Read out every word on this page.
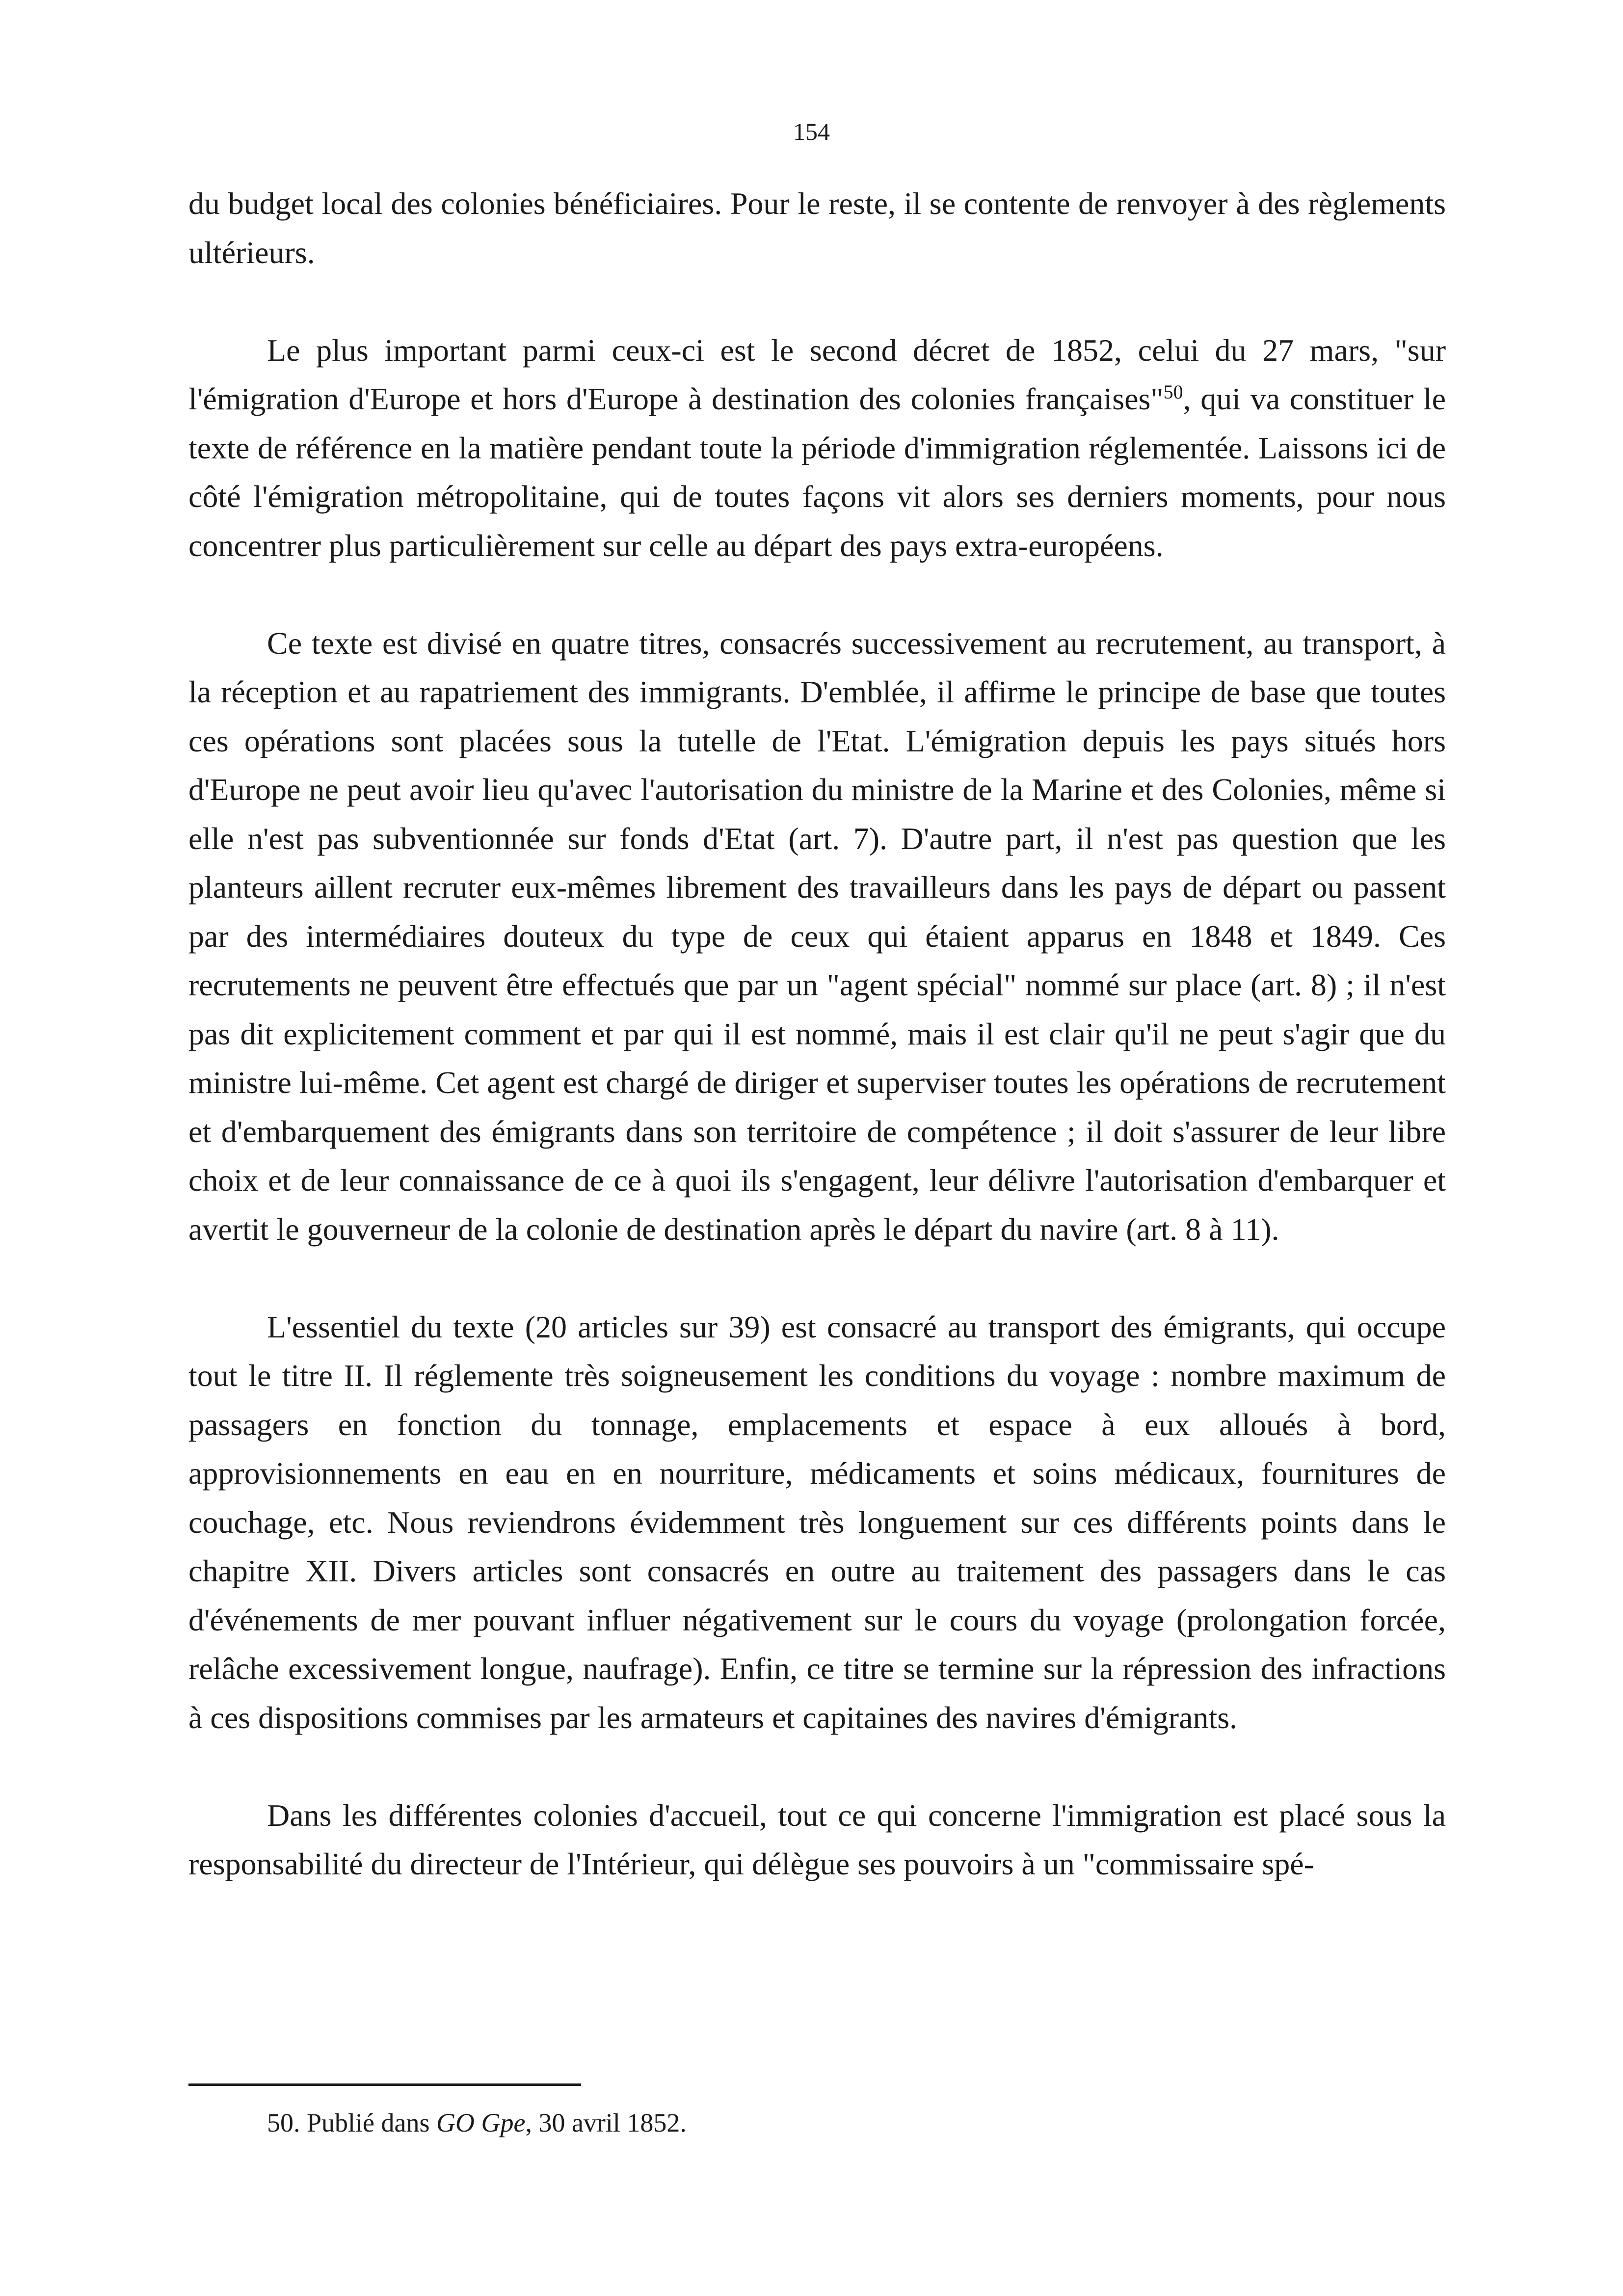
154

du budget local des colonies bénéficiaires. Pour le reste, il se contente de renvoyer à des règlements ultérieurs.

Le plus important parmi ceux-ci est le second décret de 1852, celui du 27 mars, "sur l'émigration d'Europe et hors d'Europe à destination des colonies françaises"$^{50}$, qui va constituer le texte de référence en la matière pendant toute la période d'immigration réglementée. Laissons ici de côté l'émigration métropolitaine, qui de toutes façons vit alors ses derniers moments, pour nous concentrer plus particulièrement sur celle au départ des pays extra-européens.

Ce texte est divisé en quatre titres, consacrés successivement au recrutement, au transport, à la réception et au rapatriement des immigrants. D'emblée, il affirme le principe de base que toutes ces opérations sont placées sous la tutelle de l'Etat. L'émigration depuis les pays situés hors d'Europe ne peut avoir lieu qu'avec l'autorisation du ministre de la Marine et des Colonies, même si elle n'est pas subventionnée sur fonds d'Etat (art. 7). D'autre part, il n'est pas question que les planteurs aillent recruter eux-mêmes librement des travailleurs dans les pays de départ ou passent par des intermédiaires douteux du type de ceux qui étaient apparus en 1848 et 1849. Ces recrutements ne peuvent être effectués que par un "agent spécial" nommé sur place (art. 8) ; il n'est pas dit explicitement comment et par qui il est nommé, mais il est clair qu'il ne peut s'agir que du ministre lui-même. Cet agent est chargé de diriger et superviser toutes les opérations de recrutement et d'embarquement des émigrants dans son territoire de compétence ; il doit s'assurer de leur libre choix et de leur connaissance de ce à quoi ils s'engagent, leur délivre l'autorisation d'embarquer et avertit le gouverneur de la colonie de destination après le départ du navire (art. 8 à 11).

L'essentiel du texte (20 articles sur 39) est consacré au transport des émigrants, qui occupe tout le titre II. Il réglemente très soigneusement les conditions du voyage : nombre maximum de passagers en fonction du tonnage, emplacements et espace à eux alloués à bord, approvisionnements en eau en en nourriture, médicaments et soins médicaux, fournitures de couchage, etc. Nous reviendrons évidemment très longuement sur ces différents points dans le chapitre XII. Divers articles sont consacrés en outre au traitement des passagers dans le cas d'événements de mer pouvant influer négativement sur le cours du voyage (prolongation forcée, relâche excessivement longue, naufrage). Enfin, ce titre se termine sur la répression des infractions à ces dispositions commises par les armateurs et capitaines des navires d'émigrants.

Dans les différentes colonies d'accueil, tout ce qui concerne l'immigration est placé sous la responsabilité du directeur de l'Intérieur, qui délègue ses pouvoirs à un "commissaire spé-

50. Publié dans GO Gpe, 30 avril 1852.
